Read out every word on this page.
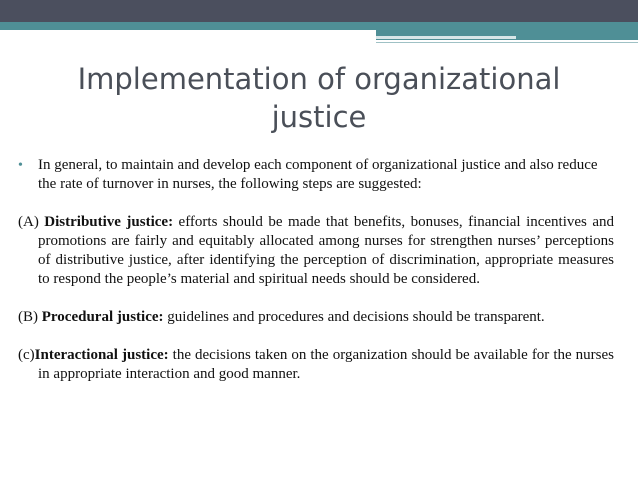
Implementation of organizational
justice
• In general, to maintain and develop each component of organizational justice and also reduce the rate of turnover in nurses, the following steps are suggested:
(A) Distributive justice: efforts should be made that benefits, bonuses, financial incentives and promotions are fairly and equitably allocated among nurses for strengthen nurses’ perceptions of distributive justice, after identifying the perception of discrimination, appropriate measures to respond the people’s material and spiritual needs should be considered.
(B) Procedural justice: guidelines and procedures and decisions should be transparent.
(c)Interactional justice: the decisions taken on the organization should be available for the nurses in appropriate interaction and good manner.
